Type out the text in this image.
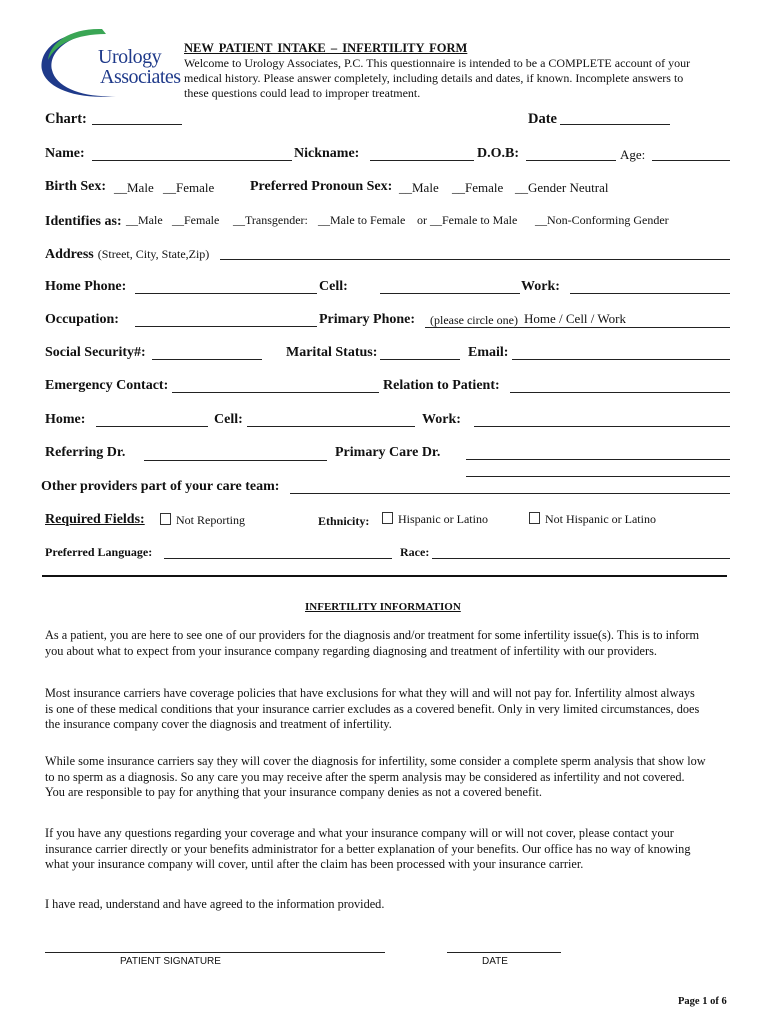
Urology
Associates
NEW PATIENT INTAKE – INFERTILITY FORM
Welcome to Urology Associates, P.C. This questionnaire is intended to be a COMPLETE account of your
medical history. Please answer completely, including details and dates, if known. Incomplete answers to
these questions could lead to improper treatment.
Chart:	Date
Name:	Nickname:	D.O.B:	Age:
Birth Sex: __Male __Female	Preferred Pronoun Sex: __Male __Female __Gender Neutral
Identifies as: __Male __Female __Transgender: __Male to Female or __Female to Male __Non-Conforming Gender
Address (Street, City, State,Zip)
Home Phone:	Cell:	Work:
Occupation:	Primary Phone: (please circle one) Home / Cell / Work
Social Security#:	Marital Status:	Email:
Emergency Contact:	Relation to Patient:
Home:	Cell:	Work:
Referring Dr.	Primary Care Dr.
Other providers part of your care team:
Required Fields:	Not Reporting	Ethnicity:	Hispanic or Latino	Not Hispanic or Latino
Preferred Language:	Race:
INFERTILITY INFORMATION
As a patient, you are here to see one of our providers for the diagnosis and/or treatment for some infertility issue(s). This is to inform
you about what to expect from your insurance company regarding diagnosing and treatment of infertility with our providers.
Most insurance carriers have coverage policies that have exclusions for what they will and will not pay for. Infertility almost always
is one of these medical conditions that your insurance carrier excludes as a covered benefit. Only in very limited circumstances, does
the insurance company cover the diagnosis and treatment of infertility.
While some insurance carriers say they will cover the diagnosis for infertility, some consider a complete sperm analysis that show low
to no sperm as a diagnosis. So any care you may receive after the sperm analysis may be considered as infertility and not covered.
You are responsible to pay for anything that your insurance company denies as not a covered benefit.
If you have any questions regarding your coverage and what your insurance company will or will not cover, please contact your
insurance carrier directly or your benefits administrator for a better explanation of your benefits. Our office has no way of knowing
what your insurance company will cover, until after the claim has been processed with your insurance carrier.
I have read, understand and have agreed to the information provided.
PATIENT SIGNATURE	DATE
Page 1 of 6
